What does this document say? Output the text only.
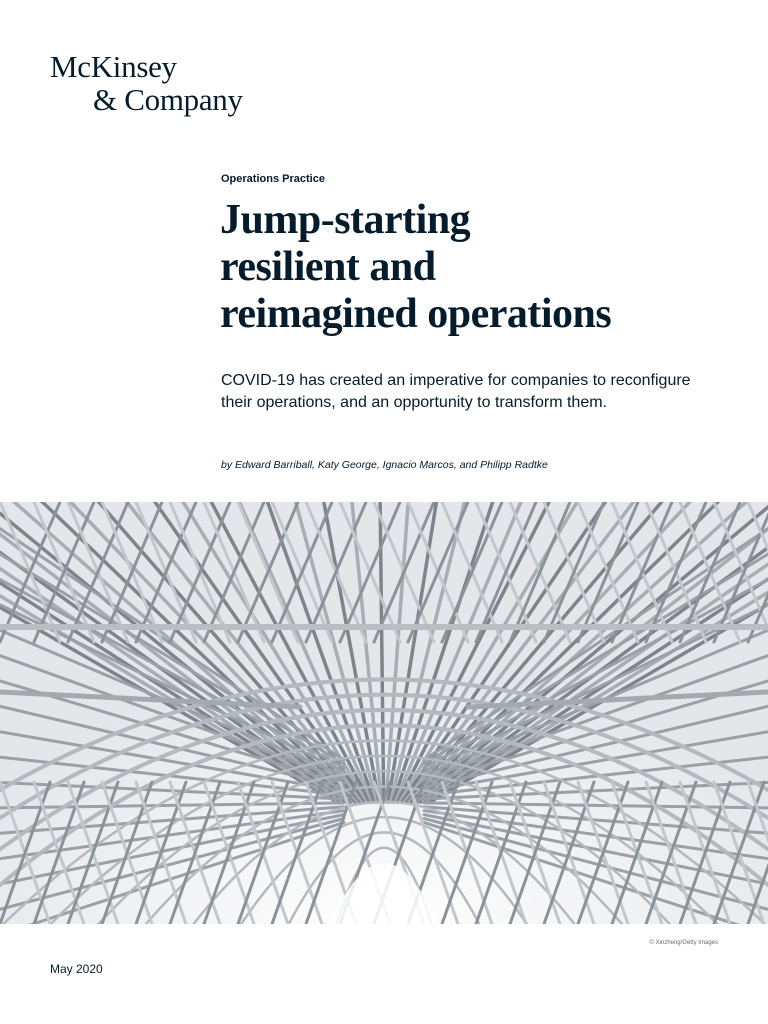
McKinsey
& Company
Operations Practice
Jump-starting
resilient and
reimagined operations
COVID-19 has created an imperative for companies to reconfigure
their operations, and an opportunity to transform them.
by Edward Barriball, Katy George, Ignacio Marcos, and Philipp Radtke
© Xinzheng/Getty Images
May 2020
